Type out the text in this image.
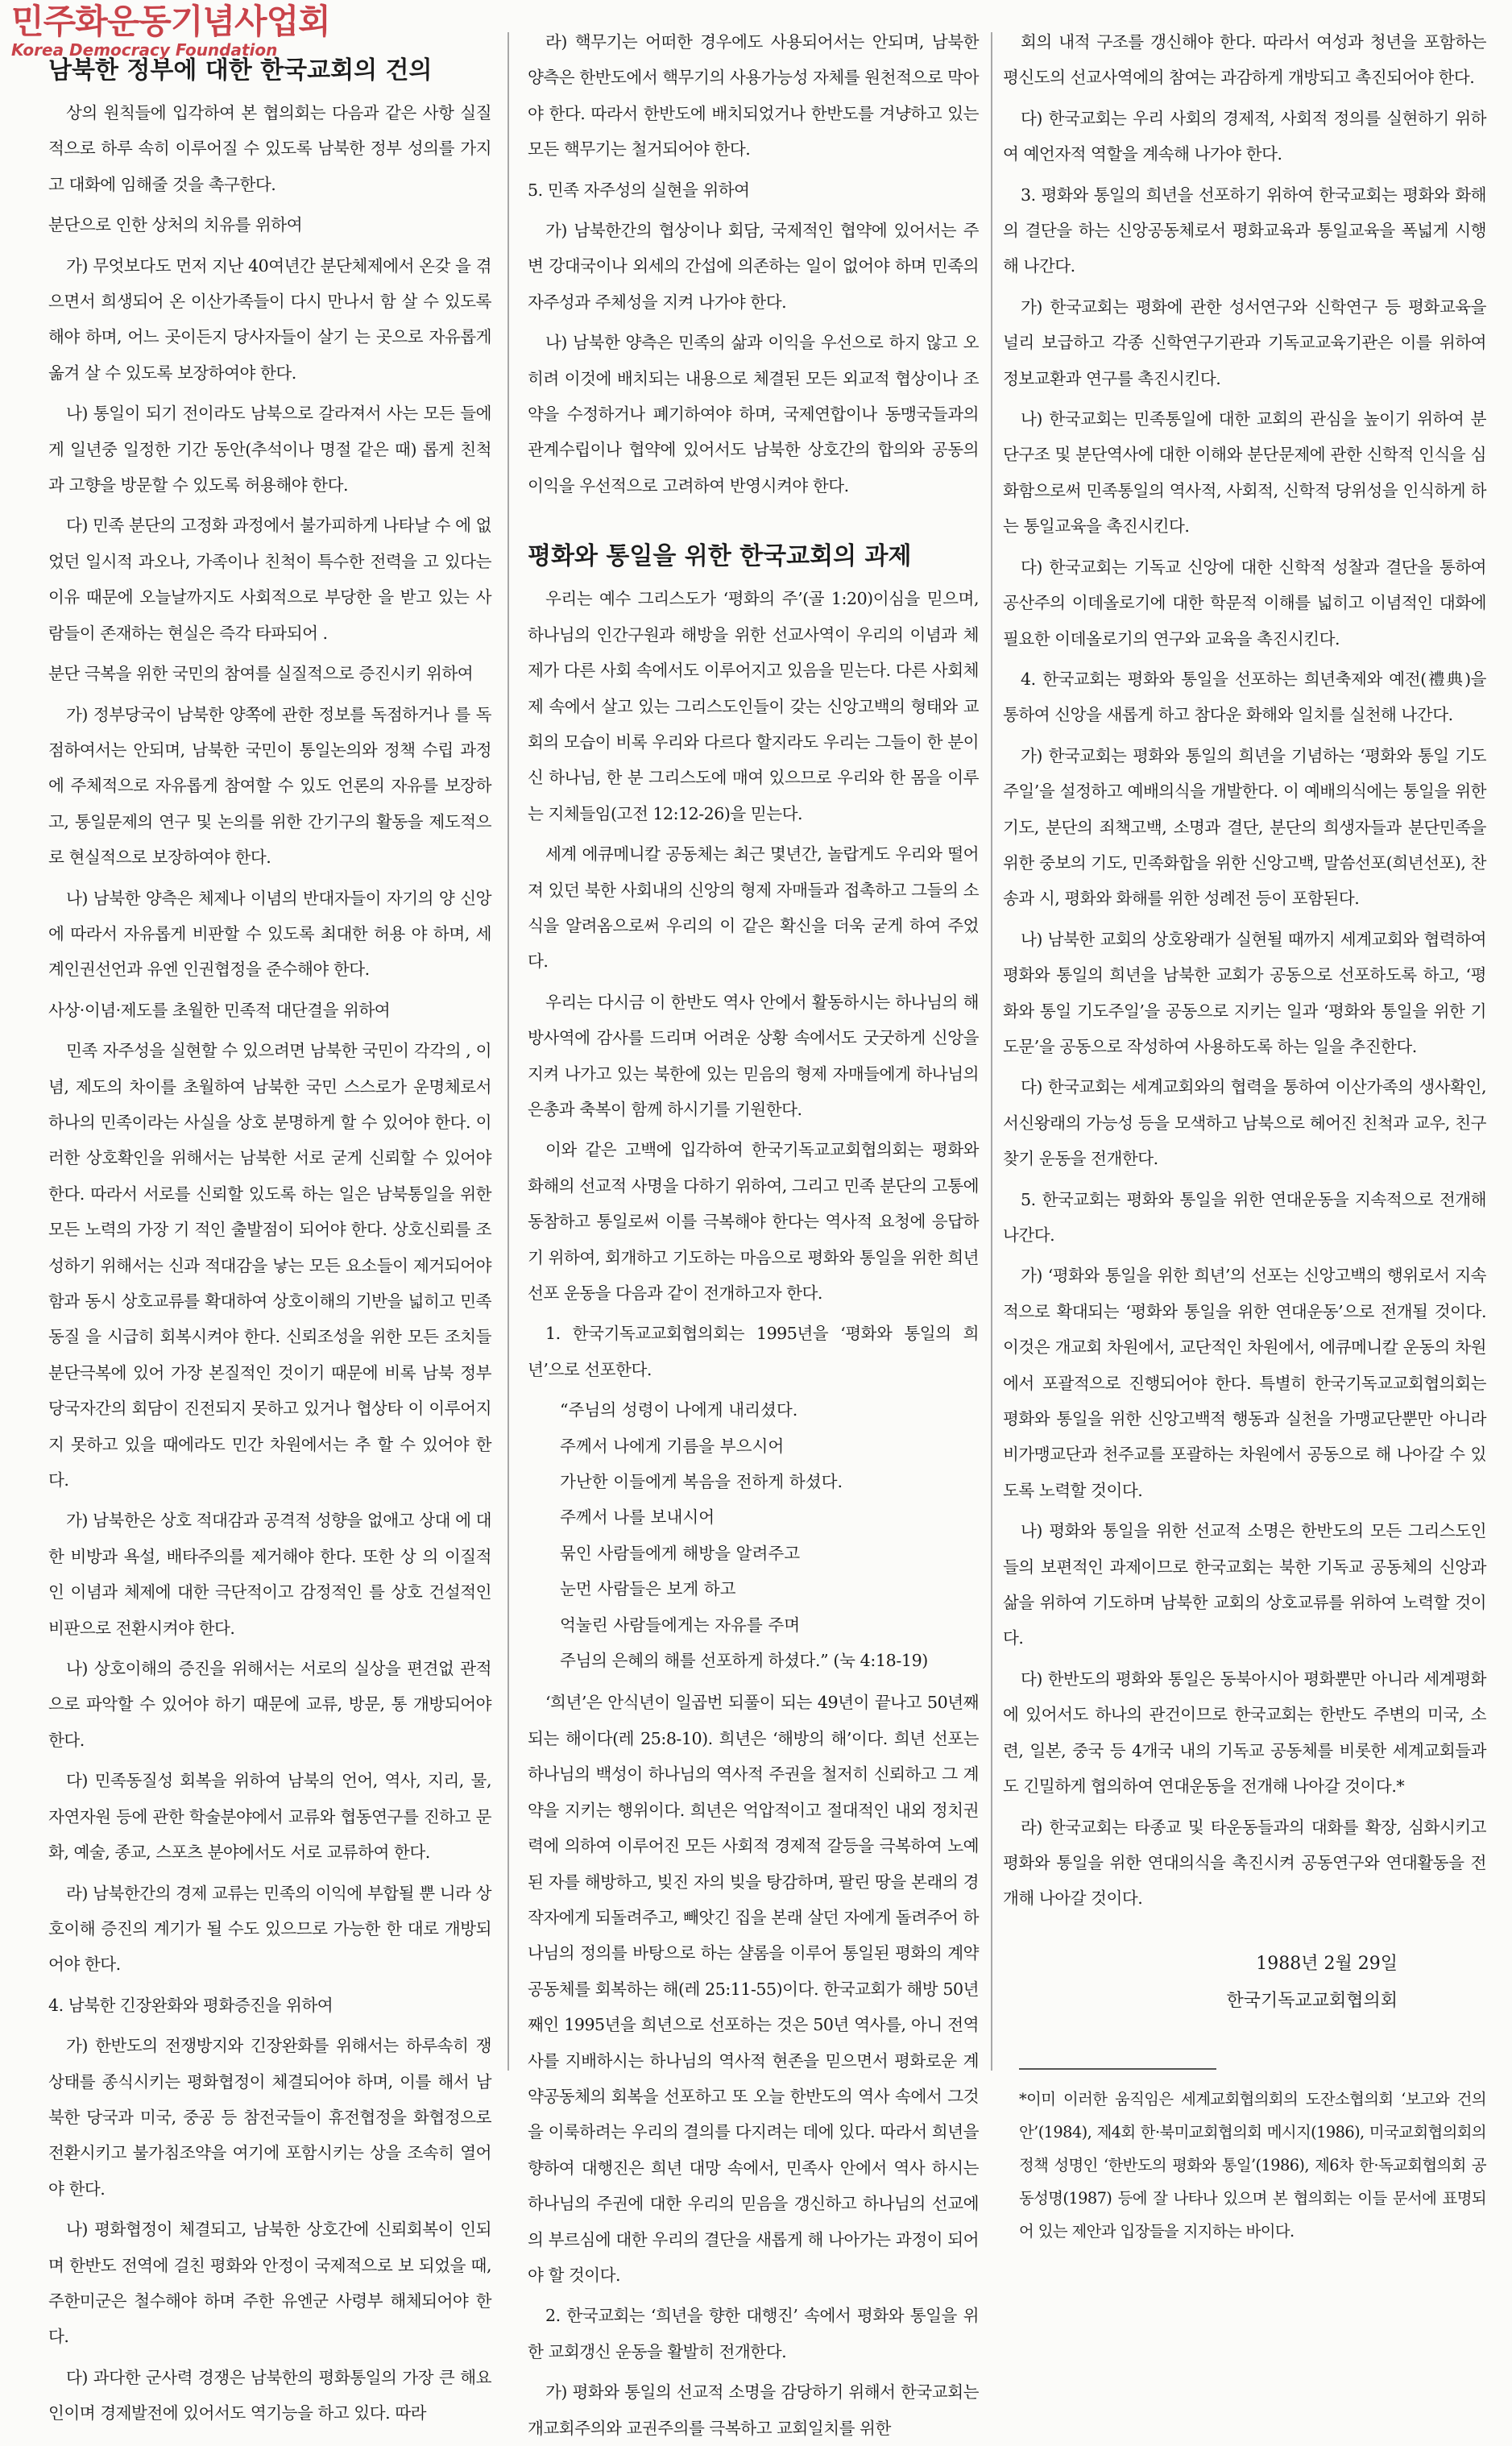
민주화운동기념사업회
Korea Democracy Foundation
남북한 정부에 대한 한국교회의 건의

상의 원칙들에 입각하여 본 협의회는 다음과 같은 사항 실질적으로 하루 속히 이루어질 수 있도록 남북한 정부 성의를 가지고 대화에 임해줄 것을 촉구한다.

분단으로 인한 상처의 치유를 위하여

가) 무엇보다도 먼저 지난 40여년간 분단체제에서 온갖 을 겪으면서 희생되어 온 이산가족들이 다시 만나서 함 살 수 있도록 해야 하며, 어느 곳이든지 당사자들이 살기 는 곳으로 자유롭게 옮겨 살 수 있도록 보장하여야 한다.

나) 통일이 되기 전이라도 남북으로 갈라져서 사는 모든 들에게 일년중 일정한 기간 동안(추석이나 명절 같은 때) 롭게 친척과 고향을 방문할 수 있도록 허용해야 한다.

다) 민족 분단의 고정화 과정에서 불가피하게 나타날 수 에 없었던 일시적 과오나, 가족이나 친척이 특수한 전력을 고 있다는 이유 때문에 오늘날까지도 사회적으로 부당한 을 받고 있는 사람들이 존재하는 현실은 즉각 타파되어 .

분단 극복을 위한 국민의 참여를 실질적으로 증진시키 위하여

가) 정부당국이 남북한 양쪽에 관한 정보를 독점하거나 를 독점하여서는 안되며, 남북한 국민이 통일논의와 정책 수립 과정에 주체적으로 자유롭게 참여할 수 있도 언론의 자유를 보장하고, 통일문제의 연구 및 논의를 위한 간기구의 활동을 제도적으로 현실적으로 보장하여야 한다.

나) 남북한 양측은 체제나 이념의 반대자들이 자기의 양 신앙에 따라서 자유롭게 비판할 수 있도록 최대한 허용 야 하며, 세계인권선언과 유엔 인권협정을 준수해야 한다.

사상·이념·제도를 초월한 민족적 대단결을 위하여

민족 자주성을 실현할 수 있으려면 남북한 국민이 각각의 , 이념, 제도의 차이를 초월하여 남북한 국민 스스로가 운명체로서 하나의 민족이라는 사실을 상호 분명하게 할 수 있어야 한다. 이러한 상호확인을 위해서는 남북한 서로 굳게 신뢰할 수 있어야 한다. 따라서 서로를 신뢰할 있도록 하는 일은 남북통일을 위한 모든 노력의 가장 기 적인 출발점이 되어야 한다. 상호신뢰를 조성하기 위해서는 신과 적대감을 낳는 모든 요소들이 제거되어야 함과 동시 상호교류를 확대하여 상호이해의 기반을 넓히고 민족동질 을 시급히 회복시켜야 한다. 신뢰조성을 위한 모든 조치들 분단극복에 있어 가장 본질적인 것이기 때문에 비록 남북 정부 당국자간의 회담이 진전되지 못하고 있거나 협상타 이 이루어지지 못하고 있을 때에라도 민간 차원에서는 추 할 수 있어야 한다.

가) 남북한은 상호 적대감과 공격적 성향을 없애고 상대 에 대한 비방과 욕설, 배타주의를 제거해야 한다. 또한 상 의 이질적인 이념과 체제에 대한 극단적이고 감정적인 를 상호 건설적인 비판으로 전환시켜야 한다.

나) 상호이해의 증진을 위해서는 서로의 실상을 편견없 관적으로 파악할 수 있어야 하기 때문에 교류, 방문, 통 개방되어야 한다.

다) 민족동질성 회복을 위하여 남북의 언어, 역사, 지리, 물, 자연자원 등에 관한 학술분야에서 교류와 협동연구를 진하고 문화, 예술, 종교, 스포츠 분야에서도 서로 교류하여 한다.

라) 남북한간의 경제 교류는 민족의 이익에 부합될 뿐 니라 상호이해 증진의 계기가 될 수도 있으므로 가능한 한 대로 개방되어야 한다.

4. 남북한 긴장완화와 평화증진을 위하여

가) 한반도의 전쟁방지와 긴장완화를 위해서는 하루속히 쟁 상태를 종식시키는 평화협정이 체결되어야 하며, 이를 해서 남북한 당국과 미국, 중공 등 참전국들이 휴전협정을 화협정으로 전환시키고 불가침조약을 여기에 포함시키는 상을 조속히 열어야 한다.

나) 평화협정이 체결되고, 남북한 상호간에 신뢰회복이 인되며 한반도 전역에 걸친 평화와 안정이 국제적으로 보 되었을 때, 주한미군은 철수해야 하며 주한 유엔군 사령부 해체되어야 한다.

다) 과다한 군사력 경쟁은 남북한의 평화통일의 가장 큰 해요인이며 경제발전에 있어서도 역기능을 하고 있다. 따라

라) 핵무기는 어떠한 경우에도 사용되어서는 안되며, 남북한 양측은 한반도에서 핵무기의 사용가능성 자체를 원천적으로 막아야 한다. 따라서 한반도에 배치되었거나 한반도를 겨냥하고 있는 모든 핵무기는 철거되어야 한다.

5. 민족 자주성의 실현을 위하여

가) 남북한간의 협상이나 회담, 국제적인 협약에 있어서는 주변 강대국이나 외세의 간섭에 의존하는 일이 없어야 하며 민족의 자주성과 주체성을 지켜 나가야 한다.

나) 남북한 양측은 민족의 삶과 이익을 우선으로 하지 않고 오히려 이것에 배치되는 내용으로 체결된 모든 외교적 협상이나 조약을 수정하거나 폐기하여야 하며, 국제연합이나 동맹국들과의 관계수립이나 협약에 있어서도 남북한 상호간의 합의와 공동의 이익을 우선적으로 고려하여 반영시켜야 한다.

평화와 통일을 위한 한국교회의 과제

우리는 예수 그리스도가 ‘평화의 주’(골 1:20)이심을 믿으며, 하나님의 인간구원과 해방을 위한 선교사역이 우리의 이념과 체제가 다른 사회 속에서도 이루어지고 있음을 믿는다. 다른 사회체제 속에서 살고 있는 그리스도인들이 갖는 신앙고백의 형태와 교회의 모습이 비록 우리와 다르다 할지라도 우리는 그들이 한 분이신 하나님, 한 분 그리스도에 매여 있으므로 우리와 한 몸을 이루는 지체들임(고전 12:12-26)을 믿는다.

세계 에큐메니칼 공동체는 최근 몇년간, 놀랍게도 우리와 떨어져 있던 북한 사회내의 신앙의 형제 자매들과 접촉하고 그들의 소식을 알려옴으로써 우리의 이 같은 확신을 더욱 굳게 하여 주었다.

우리는 다시금 이 한반도 역사 안에서 활동하시는 하나님의 해방사역에 감사를 드리며 어려운 상황 속에서도 굿굿하게 신앙을 지켜 나가고 있는 북한에 있는 믿음의 형제 자매들에게 하나님의 은총과 축복이 함께 하시기를 기원한다.

이와 같은 고백에 입각하여 한국기독교교회협의회는 평화와 화해의 선교적 사명을 다하기 위하여, 그리고 민족 분단의 고통에 동참하고 통일로써 이를 극복해야 한다는 역사적 요청에 응답하기 위하여, 회개하고 기도하는 마음으로 평화와 통일을 위한 희년선포 운동을 다음과 같이 전개하고자 한다.

1. 한국기독교교회협의회는 1995년을 ‘평화와 통일의 희년’으로 선포한다.

“주님의 성령이 나에게 내리셨다.
주께서 나에게 기름을 부으시어
가난한 이들에게 복음을 전하게 하셨다.
주께서 나를 보내시어
묶인 사람들에게 해방을 알려주고
눈먼 사람들은 보게 하고
억눌린 사람들에게는 자유를 주며
주님의 은혜의 해를 선포하게 하셨다.” (눅 4:18-19)

‘희년’은 안식년이 일곱번 되풀이 되는 49년이 끝나고 50년째 되는 해이다(레 25:8-10). 희년은 ‘해방의 해’이다. 희년 선포는 하나님의 백성이 하나님의 역사적 주권을 철저히 신뢰하고 그 계약을 지키는 행위이다. 희년은 억압적이고 절대적인 내외 정치권력에 의하여 이루어진 모든 사회적 경제적 갈등을 극복하여 노예된 자를 해방하고, 빚진 자의 빚을 탕감하며, 팔린 땅을 본래의 경작자에게 되돌려주고, 빼앗긴 집을 본래 살던 자에게 돌려주어 하나님의 정의를 바탕으로 하는 샬롬을 이루어 통일된 평화의 계약공동체를 회복하는 해(레 25:11-55)이다. 한국교회가 해방 50년째인 1995년을 희년으로 선포하는 것은 50년 역사를, 아니 전역사를 지배하시는 하나님의 역사적 현존을 믿으면서 평화로운 계약공동체의 회복을 선포하고 또 오늘 한반도의 역사 속에서 그것을 이룩하려는 우리의 결의를 다지려는 데에 있다. 따라서 희년을 향하여 대행진은 희년 대망 속에서, 민족사 안에서 역사 하시는 하나님의 주권에 대한 우리의 믿음을 갱신하고 하나님의 선교에의 부르심에 대한 우리의 결단을 새롭게 해 나아가는 과정이 되어야 할 것이다.

2. 한국교회는 ‘희년을 향한 대행진’ 속에서 평화와 통일을 위한 교회갱신 운동을 활발히 전개한다.

가) 평화와 통일의 선교적 소명을 감당하기 위해서 한국교회는 개교회주의와 교권주의를 극복하고 교회일치를 위한

회의 내적 구조를 갱신해야 한다. 따라서 여성과 청년을 포함하는 평신도의 선교사역에의 참여는 과감하게 개방되고 촉진되어야 한다.

다) 한국교회는 우리 사회의 경제적, 사회적 정의를 실현하기 위하여 예언자적 역할을 계속해 나가야 한다.

3. 평화와 통일의 희년을 선포하기 위하여 한국교회는 평화와 화해의 결단을 하는 신앙공동체로서 평화교육과 통일교육을 폭넓게 시행해 나간다.

가) 한국교회는 평화에 관한 성서연구와 신학연구 등 평화교육을 널리 보급하고 각종 신학연구기관과 기독교교육기관은 이를 위하여 정보교환과 연구를 촉진시킨다.

나) 한국교회는 민족통일에 대한 교회의 관심을 높이기 위하여 분단구조 및 분단역사에 대한 이해와 분단문제에 관한 신학적 인식을 심화함으로써 민족통일의 역사적, 사회적, 신학적 당위성을 인식하게 하는 통일교육을 촉진시킨다.

다) 한국교회는 기독교 신앙에 대한 신학적 성찰과 결단을 통하여 공산주의 이데올로기에 대한 학문적 이해를 넓히고 이념적인 대화에 필요한 이데올로기의 연구와 교육을 촉진시킨다.

4. 한국교회는 평화와 통일을 선포하는 희년축제와 예전(禮典)을 통하여 신앙을 새롭게 하고 참다운 화해와 일치를 실천해 나간다.

가) 한국교회는 평화와 통일의 희년을 기념하는 ‘평화와 통일 기도주일’을 설정하고 예배의식을 개발한다. 이 예배의식에는 통일을 위한 기도, 분단의 죄책고백, 소명과 결단, 분단의 희생자들과 분단민족을 위한 중보의 기도, 민족화합을 위한 신앙고백, 말씀선포(희년선포), 찬송과 시, 평화와 화해를 위한 성례전 등이 포함된다.

나) 남북한 교회의 상호왕래가 실현될 때까지 세계교회와 협력하여 평화와 통일의 희년을 남북한 교회가 공동으로 선포하도록 하고, ‘평화와 통일 기도주일’을 공동으로 지키는 일과 ‘평화와 통일을 위한 기도문’을 공동으로 작성하여 사용하도록 하는 일을 추진한다.

다) 한국교회는 세계교회와의 협력을 통하여 이산가족의 생사확인, 서신왕래의 가능성 등을 모색하고 남북으로 헤어진 친척과 교우, 친구 찾기 운동을 전개한다.

5. 한국교회는 평화와 통일을 위한 연대운동을 지속적으로 전개해 나간다.

가) ‘평화와 통일을 위한 희년’의 선포는 신앙고백의 행위로서 지속적으로 확대되는 ‘평화와 통일을 위한 연대운동’으로 전개될 것이다. 이것은 개교회 차원에서, 교단적인 차원에서, 에큐메니칼 운동의 차원에서 포괄적으로 진행되어야 한다. 특별히 한국기독교교회협의회는 평화와 통일을 위한 신앙고백적 행동과 실천을 가맹교단뿐만 아니라 비가맹교단과 천주교를 포괄하는 차원에서 공동으로 해 나아갈 수 있도록 노력할 것이다.

나) 평화와 통일을 위한 선교적 소명은 한반도의 모든 그리스도인들의 보편적인 과제이므로 한국교회는 북한 기독교 공동체의 신앙과 삶을 위하여 기도하며 남북한 교회의 상호교류를 위하여 노력할 것이다.

다) 한반도의 평화와 통일은 동북아시아 평화뿐만 아니라 세계평화에 있어서도 하나의 관건이므로 한국교회는 한반도 주변의 미국, 소련, 일본, 중국 등 4개국 내의 기독교 공동체를 비롯한 세계교회들과도 긴밀하게 협의하여 연대운동을 전개해 나아갈 것이다.*

라) 한국교회는 타종교 및 타운동들과의 대화를 확장, 심화시키고 평화와 통일을 위한 연대의식을 촉진시켜 공동연구와 연대활동을 전개해 나아갈 것이다.

1988년 2월 29일
한국기독교교회협의회

*이미 이러한 움직임은 세계교회협의회의 도잔소협의회 ‘보고와 건의안’(1984), 제4회 한·북미교회협의회 메시지(1986), 미국교회협의회의 정책 성명인 ‘한반도의 평화와 통일’(1986), 제6차 한·독교회협의회 공동성명(1987) 등에 잘 나타나 있으며 본 협의회는 이들 문서에 표명되어 있는 제안과 입장들을 지지하는 바이다.
